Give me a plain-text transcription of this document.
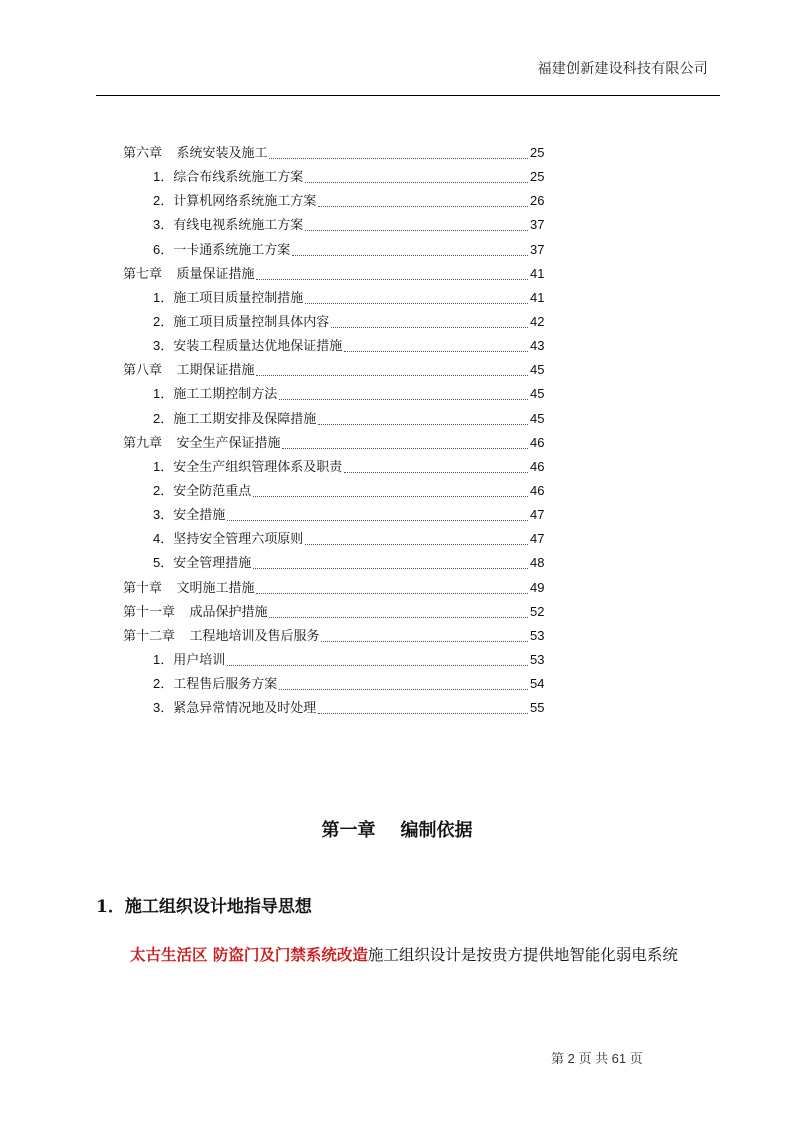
福建创新建设科技有限公司
第六章    系统安装及施工	25
1．综合布线系统施工方案	25
2．计算机网络系统施工方案	26
3．有线电视系统施工方案	37
6．一卡通系统施工方案	37
第七章    质量保证措施	41
1．施工项目质量控制措施	41
2．施工项目质量控制具体内容	42
3．安装工程质量达优地保证措施	43
第八章    工期保证措施	45
1．施工工期控制方法	45
2．施工工期安排及保障措施	45
第九章    安全生产保证措施	46
1．安全生产组织管理体系及职责	46
2．安全防范重点	46
3．安全措施	47
4．坚持安全管理六项原则	47
5．安全管理措施	48
第十章    文明施工措施	49
第十一章    成品保护措施	52
第十二章    工程地培训及售后服务	53
1．用户培训	53
2．工程售后服务方案	54
3．紧急异常情况地及时处理	55
第一章    编制依据
1．施工组织设计地指导思想
太古生活区 防盗门及门禁系统改造施工组织设计是按贵方提供地智能化弱电系统
第 2 页 共 61 页
